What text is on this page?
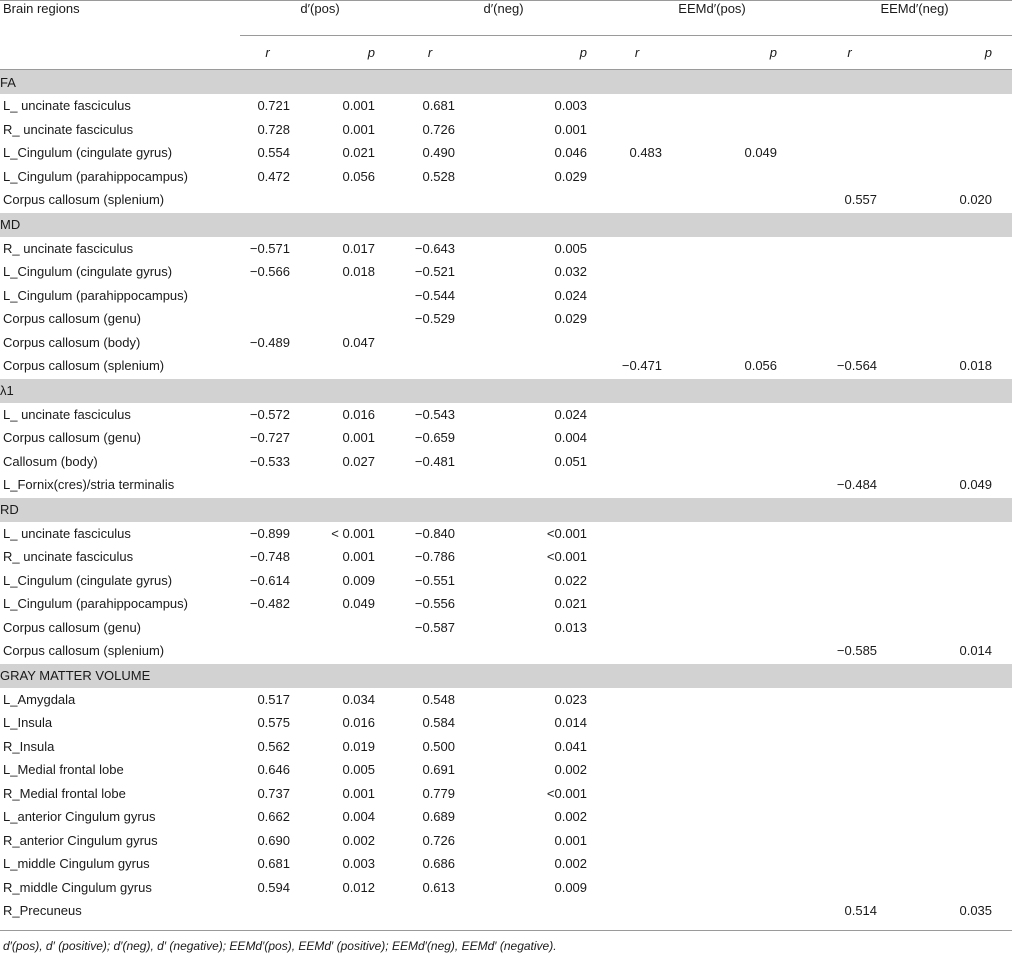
Brain regions	d′(pos)		d′(neg)		EEMd′(pos)		EEMd′(neg)	
	r	p	r	p	r	p	r	p
FA								
L_ uncinate fasciculus	0.721	0.001	0.681	0.003				
R_ uncinate fasciculus	0.728	0.001	0.726	0.001				
L_Cingulum (cingulate gyrus)	0.554	0.021	0.490	0.046	0.483	0.049		
L_Cingulum (parahippocampus)	0.472	0.056	0.528	0.029				
Corpus callosum (splenium)							0.557	0.020
MD								
R_ uncinate fasciculus	−0.571	0.017	−0.643	0.005				
L_Cingulum (cingulate gyrus)	−0.566	0.018	−0.521	0.032				
L_Cingulum (parahippocampus)			−0.544	0.024				
Corpus callosum (genu)			−0.529	0.029				
Corpus callosum (body)	−0.489	0.047						
Corpus callosum (splenium)					−0.471	0.056	−0.564	0.018
λ1								
L_ uncinate fasciculus	−0.572	0.016	−0.543	0.024				
Corpus callosum (genu)	−0.727	0.001	−0.659	0.004				
Callosum (body)	−0.533	0.027	−0.481	0.051				
L_Fornix(cres)/stria terminalis							−0.484	0.049
RD								
L_ uncinate fasciculus	−0.899	< 0.001	−0.840	<0.001				
R_ uncinate fasciculus	−0.748	0.001	−0.786	<0.001				
L_Cingulum (cingulate gyrus)	−0.614	0.009	−0.551	0.022				
L_Cingulum (parahippocampus)	−0.482	0.049	−0.556	0.021				
Corpus callosum (genu)			−0.587	0.013				
Corpus callosum (splenium)							−0.585	0.014
GRAY MATTER VOLUME								
L_Amygdala	0.517	0.034	0.548	0.023				
L_Insula	0.575	0.016	0.584	0.014				
R_Insula	0.562	0.019	0.500	0.041				
L_Medial frontal lobe	0.646	0.005	0.691	0.002				
R_Medial frontal lobe	0.737	0.001	0.779	<0.001				
L_anterior Cingulum gyrus	0.662	0.004	0.689	0.002				
R_anterior Cingulum gyrus	0.690	0.002	0.726	0.001				
L_middle Cingulum gyrus	0.681	0.003	0.686	0.002				
R_middle Cingulum gyrus	0.594	0.012	0.613	0.009				
R_Precuneus							0.514	0.035
d′(pos), d′ (positive); d′(neg), d′ (negative); EEMd′(pos), EEMd′ (positive); EEMd′(neg), EEMd′ (negative).
